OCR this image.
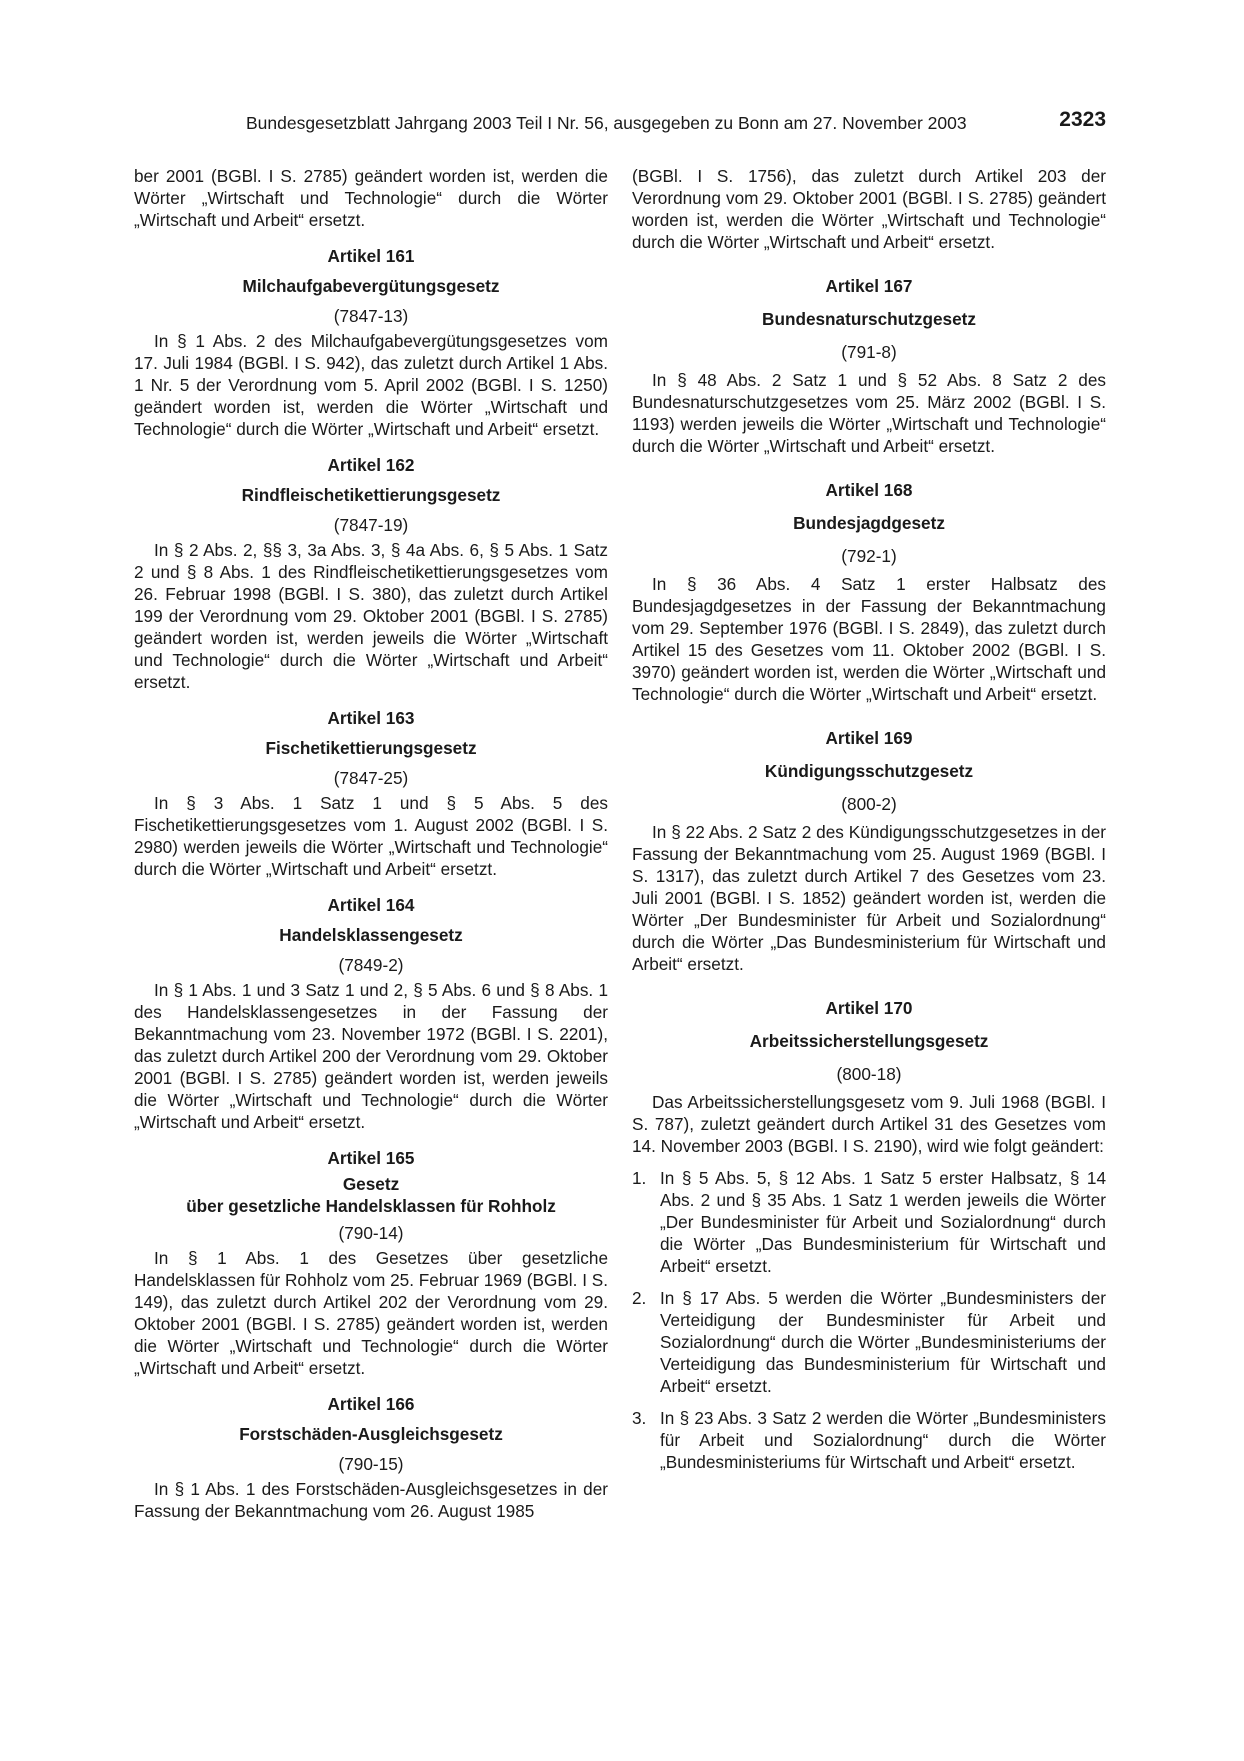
Bundesgesetzblatt Jahrgang 2003 Teil I Nr. 56, ausgegeben zu Bonn am 27. November 2003	2323

ber 2001 (BGBl. I S. 2785) geändert worden ist, werden die Wörter „Wirtschaft und Technologie“ durch die Wörter „Wirtschaft und Arbeit“ ersetzt.

Artikel 161
Milchaufgabevergütungsgesetz
(7847-13)

In § 1 Abs. 2 des Milchaufgabevergütungsgesetzes vom 17. Juli 1984 (BGBl. I S. 942), das zuletzt durch Artikel 1 Abs. 1 Nr. 5 der Verordnung vom 5. April 2002 (BGBl. I S. 1250) geändert worden ist, werden die Wörter „Wirtschaft und Technologie“ durch die Wörter „Wirtschaft und Arbeit“ ersetzt.

Artikel 162
Rindfleischetikettierungsgesetz
(7847-19)

In § 2 Abs. 2, §§ 3, 3a Abs. 3, § 4a Abs. 6, § 5 Abs. 1 Satz 2 und § 8 Abs. 1 des Rindfleischetikettierungsgesetzes vom 26. Februar 1998 (BGBl. I S. 380), das zuletzt durch Artikel 199 der Verordnung vom 29. Oktober 2001 (BGBl. I S. 2785) geändert worden ist, werden jeweils die Wörter „Wirtschaft und Technologie“ durch die Wörter „Wirtschaft und Arbeit“ ersetzt.

Artikel 163
Fischetikettierungsgesetz
(7847-25)

In § 3 Abs. 1 Satz 1 und § 5 Abs. 5 des Fischetikettierungsgesetzes vom 1. August 2002 (BGBl. I S. 2980) werden jeweils die Wörter „Wirtschaft und Technologie“ durch die Wörter „Wirtschaft und Arbeit“ ersetzt.

Artikel 164
Handelsklassengesetz
(7849-2)

In § 1 Abs. 1 und 3 Satz 1 und 2, § 5 Abs. 6 und § 8 Abs. 1 des Handelsklassengesetzes in der Fassung der Bekanntmachung vom 23. November 1972 (BGBl. I S. 2201), das zuletzt durch Artikel 200 der Verordnung vom 29. Oktober 2001 (BGBl. I S. 2785) geändert worden ist, werden jeweils die Wörter „Wirtschaft und Technologie“ durch die Wörter „Wirtschaft und Arbeit“ ersetzt.

Artikel 165
Gesetz
über gesetzliche Handelsklassen für Rohholz
(790-14)

In § 1 Abs. 1 des Gesetzes über gesetzliche Handelsklassen für Rohholz vom 25. Februar 1969 (BGBl. I S. 149), das zuletzt durch Artikel 202 der Verordnung vom 29. Oktober 2001 (BGBl. I S. 2785) geändert worden ist, werden die Wörter „Wirtschaft und Technologie“ durch die Wörter „Wirtschaft und Arbeit“ ersetzt.

Artikel 166
Forstschäden-Ausgleichsgesetz
(790-15)

In § 1 Abs. 1 des Forstschäden-Ausgleichsgesetzes in der Fassung der Bekanntmachung vom 26. August 1985

(BGBl. I S. 1756), das zuletzt durch Artikel 203 der Verordnung vom 29. Oktober 2001 (BGBl. I S. 2785) geändert worden ist, werden die Wörter „Wirtschaft und Technologie“ durch die Wörter „Wirtschaft und Arbeit“ ersetzt.

Artikel 167
Bundesnaturschutzgesetz
(791-8)

In § 48 Abs. 2 Satz 1 und § 52 Abs. 8 Satz 2 des Bundesnaturschutzgesetzes vom 25. März 2002 (BGBl. I S. 1193) werden jeweils die Wörter „Wirtschaft und Technologie“ durch die Wörter „Wirtschaft und Arbeit“ ersetzt.

Artikel 168
Bundesjagdgesetz
(792-1)

In § 36 Abs. 4 Satz 1 erster Halbsatz des Bundesjagdgesetzes in der Fassung der Bekanntmachung vom 29. September 1976 (BGBl. I S. 2849), das zuletzt durch Artikel 15 des Gesetzes vom 11. Oktober 2002 (BGBl. I S. 3970) geändert worden ist, werden die Wörter „Wirtschaft und Technologie“ durch die Wörter „Wirtschaft und Arbeit“ ersetzt.

Artikel 169
Kündigungsschutzgesetz
(800-2)

In § 22 Abs. 2 Satz 2 des Kündigungsschutzgesetzes in der Fassung der Bekanntmachung vom 25. August 1969 (BGBl. I S. 1317), das zuletzt durch Artikel 7 des Gesetzes vom 23. Juli 2001 (BGBl. I S. 1852) geändert worden ist, werden die Wörter „Der Bundesminister für Arbeit und Sozialordnung“ durch die Wörter „Das Bundesministerium für Wirtschaft und Arbeit“ ersetzt.

Artikel 170
Arbeitssicherstellungsgesetz
(800-18)

Das Arbeitssicherstellungsgesetz vom 9. Juli 1968 (BGBl. I S. 787), zuletzt geändert durch Artikel 31 des Gesetzes vom 14. November 2003 (BGBl. I S. 2190), wird wie folgt geändert:

1. In § 5 Abs. 5, § 12 Abs. 1 Satz 5 erster Halbsatz, § 14 Abs. 2 und § 35 Abs. 1 Satz 1 werden jeweils die Wörter „Der Bundesminister für Arbeit und Sozialordnung“ durch die Wörter „Das Bundesministerium für Wirtschaft und Arbeit“ ersetzt.
2. In § 17 Abs. 5 werden die Wörter „Bundesministers der Verteidigung der Bundesminister für Arbeit und Sozialordnung“ durch die Wörter „Bundesministeriums der Verteidigung das Bundesministerium für Wirtschaft und Arbeit“ ersetzt.
3. In § 23 Abs. 3 Satz 2 werden die Wörter „Bundesministers für Arbeit und Sozialordnung“ durch die Wörter „Bundesministeriums für Wirtschaft und Arbeit“ ersetzt.
